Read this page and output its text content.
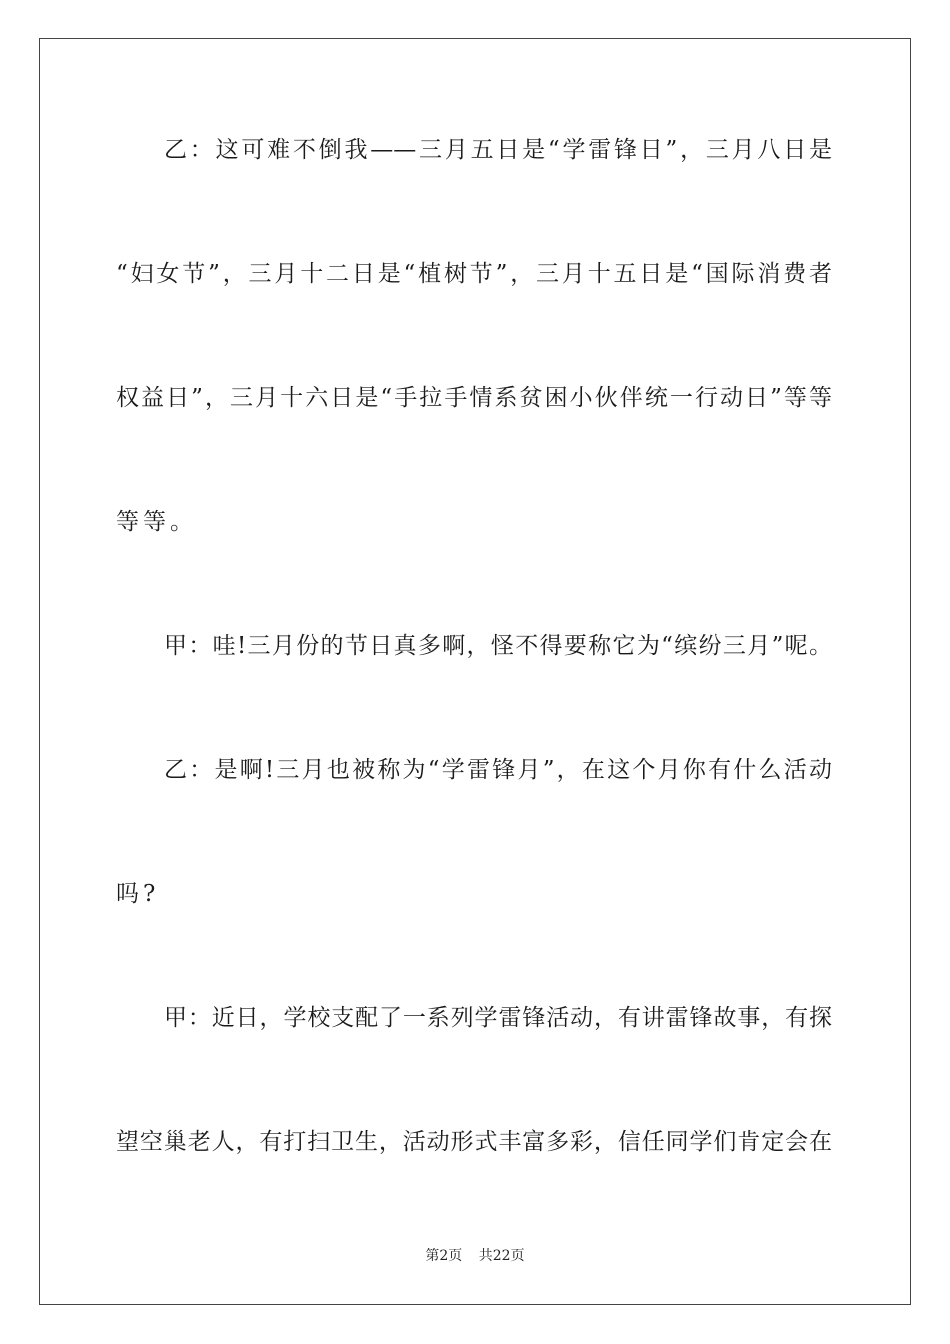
乙：这可难不倒我——三月五日是“学雷锋日”，三月八日是
“妇女节”，三月十二日是“植树节”，三月十五日是“国际消费者
权益日”，三月十六日是“手拉手情系贫困小伙伴统一行动日”等等
等等。
甲：哇!三月份的节日真多啊，怪不得要称它为“缤纷三月”呢。
乙：是啊!三月也被称为“学雷锋月”，在这个月你有什么活动
吗?
甲：近日，学校支配了一系列学雷锋活动，有讲雷锋故事，有探
望空巢老人，有打扫卫生，活动形式丰富多彩，信任同学们肯定会在
第2页 共22页
